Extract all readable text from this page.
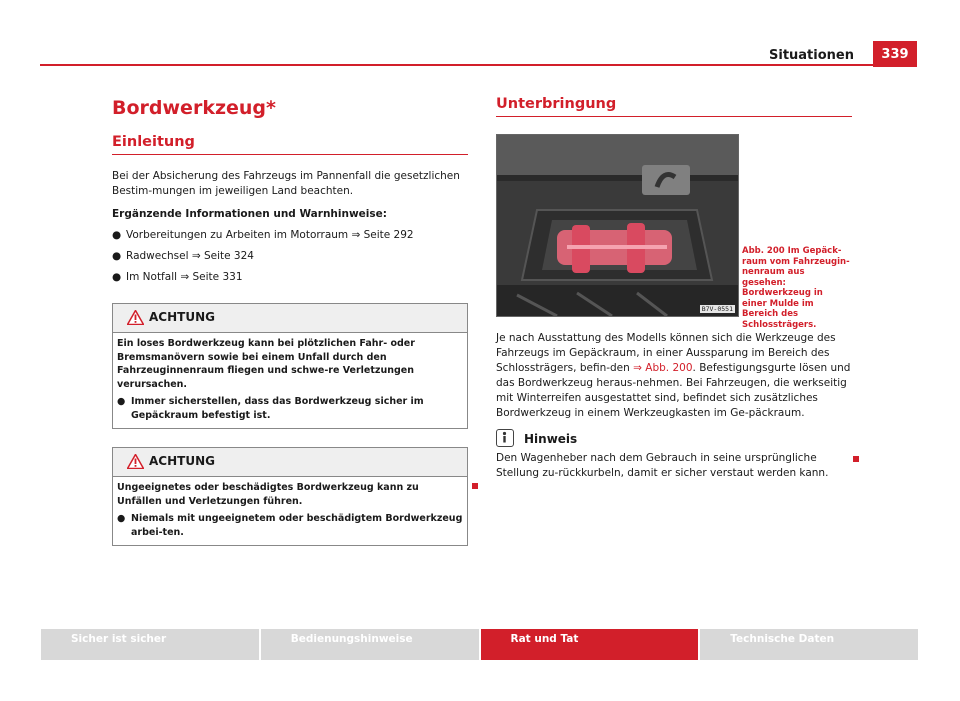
Situationen	339
Bordwerkzeug*
Einleitung
Bei der Absicherung des Fahrzeugs im Pannenfall die gesetzlichen Bestim-mungen im jeweiligen Land beachten.
Ergänzende Informationen und Warnhinweise:
● Vorbereitungen zu Arbeiten im Motorraum ⇒ Seite 292
● Radwechsel ⇒ Seite 324
● Im Notfall ⇒ Seite 331
ACHTUNG
Ein loses Bordwerkzeug kann bei plötzlichen Fahr- oder Bremsmanövern sowie bei einem Unfall durch den Fahrzeuginnenraum fliegen und schwe-re Verletzungen verursachen.
● Immer sicherstellen, dass das Bordwerkzeug sicher im Gepäckraum befestigt ist.
ACHTUNG
Ungeeignetes oder beschädigtes Bordwerkzeug kann zu Unfällen und Verletzungen führen.
● Niemals mit ungeeignetem oder beschädigtem Bordwerkzeug arbei-ten.
Unterbringung
B7V-0551
Abb. 200 Im Gepäck-raum vom Fahrzeugin-nenraum aus gesehen: Bordwerkzeug in einer Mulde im Bereich des Schlossträgers.
Je nach Ausstattung des Modells können sich die Werkzeuge des Fahrzeugs im Gepäckraum, in einer Aussparung im Bereich des Schlossträgers, befin-den ⇒ Abb. 200. Befestigungsgurte lösen und das Bordwerkzeug heraus-nehmen. Bei Fahrzeugen, die werkseitig mit Winterreifen ausgestattet sind, befindet sich zusätzliches Bordwerkzeug in einem Werkzeugkasten im Ge-päckraum.
Hinweis
Den Wagenheber nach dem Gebrauch in seine ursprüngliche Stellung zu-rückkurbeln, damit er sicher verstaut werden kann.
Sicher ist sicher	Bedienungshinweise	Rat und Tat	Technische Daten
